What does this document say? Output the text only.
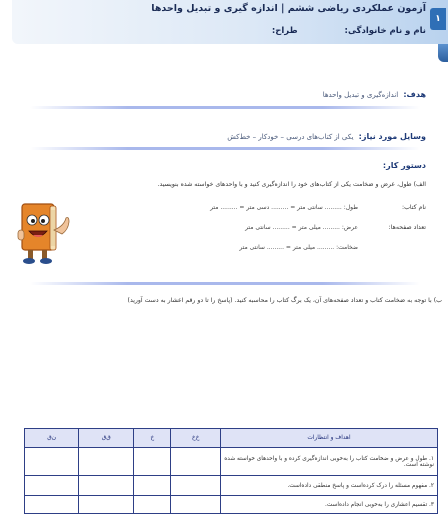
آزمون عملکردی ریاضی ششم | اندازه گیری و تبدیل واحدها
نام و نام خانوادگی: طراح:
۱
هدف: اندازه‌گیری و تبدیل واحدها
وسایل مورد نیاز: یکی از کتاب‌های درسی – خودکار – خط‌کش
دستور کار:
الف) طول، عرض و ضخامت یکی از کتاب‌های خود را اندازه‌گیری کنید و با واحدهای خواسته شده بنویسید.
نام کتاب:
طول: ......... سانتی متر = ......... دسی متر = ......... متر
تعداد صفحه‌ها:
عرض: ......... میلی متر = ......... سانتی متر
ضخامت: ......... میلی متر = ......... سانتی متر
ب) با توجه به ضخامت کتاب و تعداد صفحه‌های آن، یک برگ کتاب را محاسبه کنید. (پاسخ را تا دو رقم اعشار به دست آورید)
اهداف و انتظارات	خ‌خ	خ	ق‌ق	ن‌ق
۱. طول و عرض و ضخامت کتاب را به‌خوبی اندازه‌گیری کرده و با واحدهای خواسته شده نوشته است.				
۲. مفهوم مسئله را درک کرده‌است و پاسخ منطقی داده‌است.				
۳. تقسیم اعشاری را به‌خوبی انجام داده‌است.				
